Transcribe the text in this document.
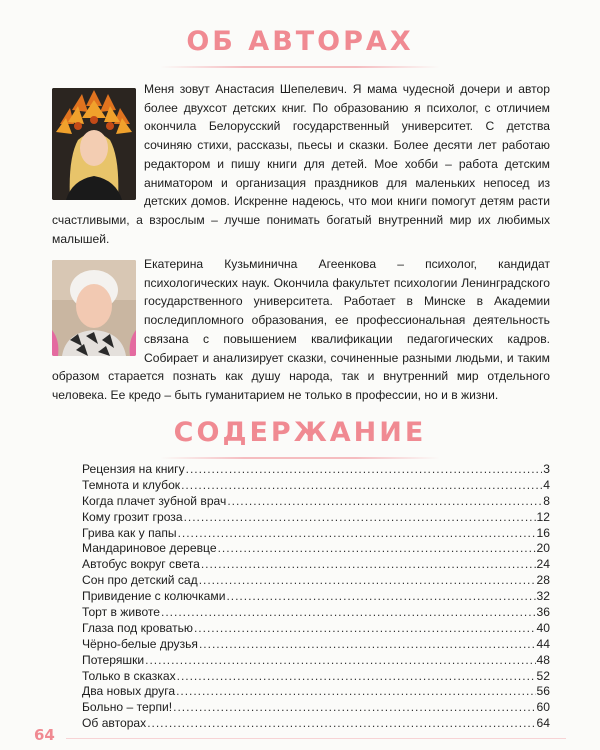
ОБ АВТОРАХ

Меня зовут Анастасия Шепелевич. Я мама чудесной дочери и автор более двухсот детских книг. По образованию я психолог, с отличием окончила Белорусский государственный университет. С детства сочиняю стихи, рассказы, пьесы и сказки. Более десяти лет работаю редактором и пишу книги для детей. Мое хобби – работа детским аниматором и организация праздников для маленьких непосед из детских домов. Искренне надеюсь, что мои книги помогут детям расти счастливыми, а взрослым – лучше понимать богатый внутренний мир их любимых малышей.

Екатерина Кузьминична Агеенкова – психолог, кандидат психологических наук. Окончила факультет психологии Ленинградского государственного университета. Работает в Минске в Академии последипломного образования, ее профессиональная деятельность связана с повышением квалификации педагогических кадров. Собирает и анализирует сказки, сочиненные разными людьми, и таким образом старается познать как душу народа, так и внутренний мир отдельного человека. Ее кредо – быть гуманитарием не только в профессии, но и в жизни.

СОДЕРЖАНИЕ
Рецензия на книгу . . .	3
Темнота и клубок . . .	4
Когда плачет зубной врач . . .	8
Кому грозит гроза . . .	12
Грива как у папы . . .	16
Мандариновое деревце . . .	20
Автобус вокруг света . . .	24
Сон про детский сад . . .	28
Привидение с колючками . . .	32
Торт в животе . . .	36
Глаза под кроватью . . .	40
Чёрно-белые друзья . . .	44
Потеряшки . . .	48
Только в сказках . . .	52
Два новых друга . . .	56
Больно – терпи! . . .	60
Об авторах . . .	64
64
